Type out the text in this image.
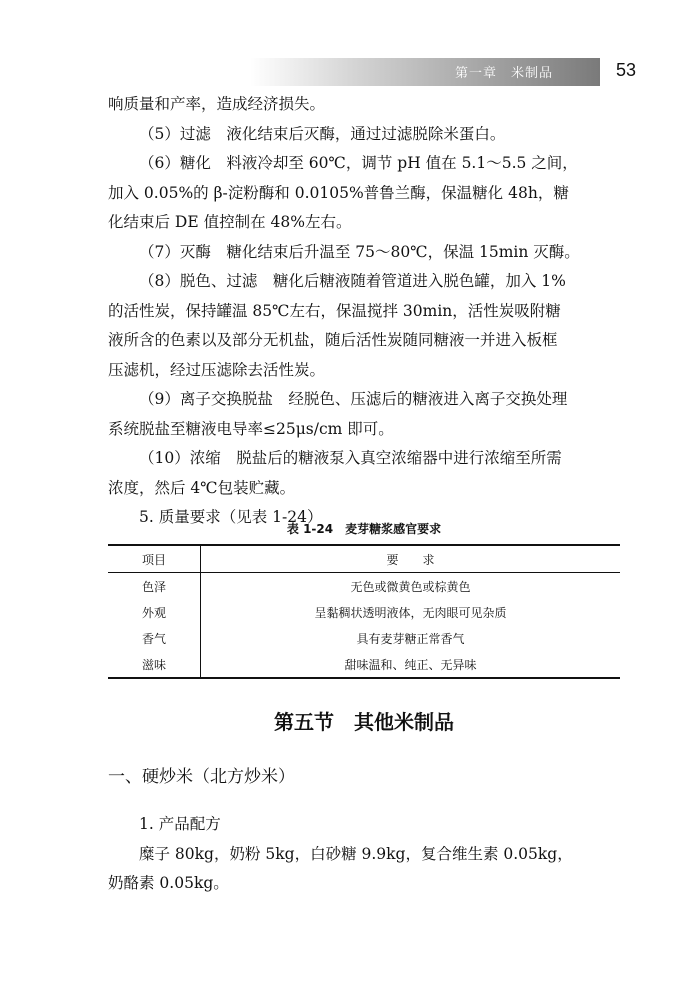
第一章　米制品	53

响质量和产率，造成经济损失。

（5）过滤　液化结束后灭酶，通过过滤脱除米蛋白。

（6）糖化　料液冷却至 60℃，调节 pH 值在 5.1～5.5 之间，

加入 0.05%的 β-淀粉酶和 0.0105%普鲁兰酶，保温糖化 48h，糖

化结束后 DE 值控制在 48%左右。

（7）灭酶　糖化结束后升温至 75～80℃，保温 15min 灭酶。

（8）脱色、过滤　糖化后糖液随着管道进入脱色罐，加入 1%

的活性炭，保持罐温 85℃左右，保温搅拌 30min，活性炭吸附糖

液所含的色素以及部分无机盐，随后活性炭随同糖液一并进入板框

压滤机，经过压滤除去活性炭。

（9）离子交换脱盐　经脱色、压滤后的糖液进入离子交换处理

系统脱盐至糖液电导率≤25μs/cm 即可。

（10）浓缩　脱盐后的糖液泵入真空浓缩器中进行浓缩至所需

浓度，然后 4℃包装贮藏。

5. 质量要求（见表 1-24）

表 1-24　麦芽糖浆感官要求
项目	要　　求
色泽	无色或微黄色或棕黄色
外观	呈黏稠状透明液体，无肉眼可见杂质
香气	具有麦芽糖正常香气
滋味	甜味温和、纯正、无异味
第五节　其他米制品
一、硬炒米（北方炒米）

1. 产品配方

糜子 80kg，奶粉 5kg，白砂糖 9.9kg，复合维生素 0.05kg，

奶酪素 0.05kg。
